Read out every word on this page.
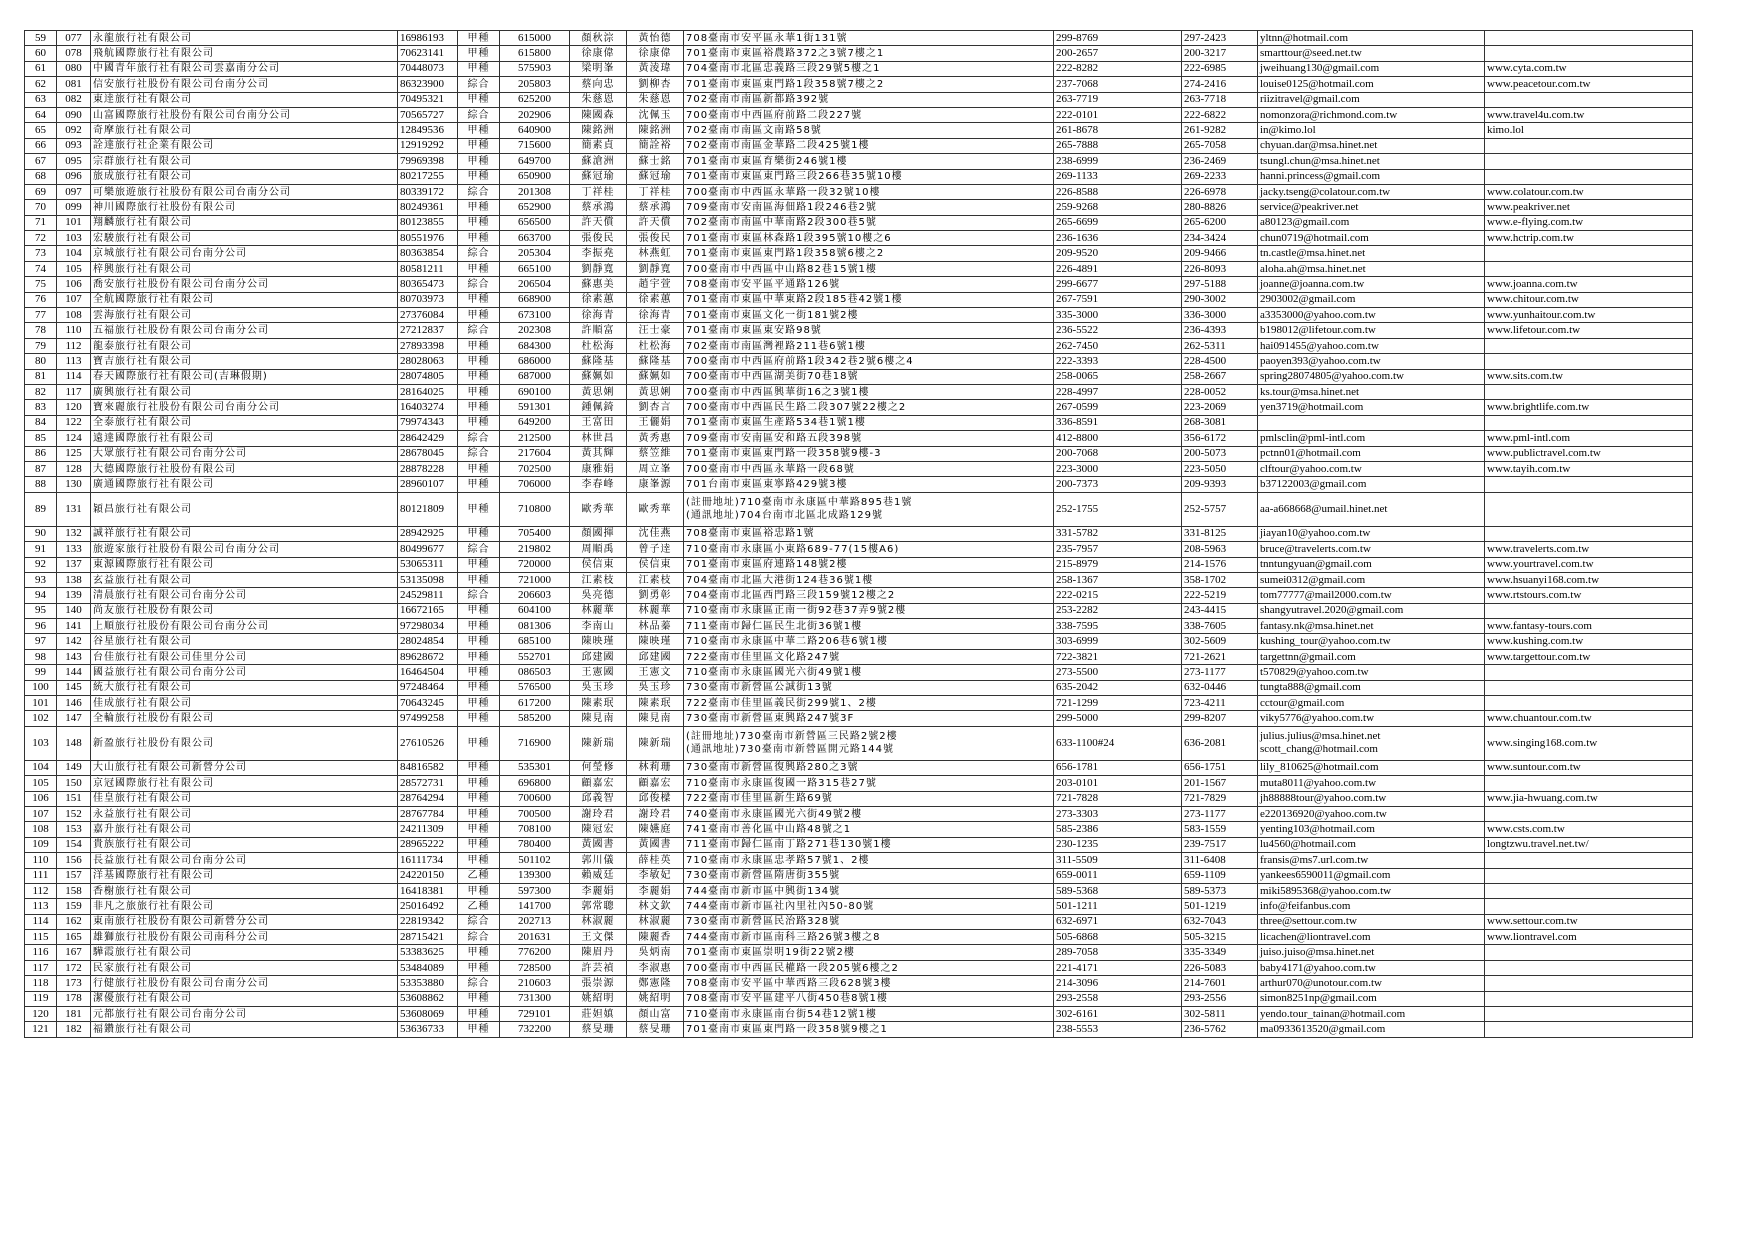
59	077	永龍旅行社有限公司	16986193	甲種	615000	顏秋淙	黃怡德	708臺南市安平區永華1街131號	299-8769	297-2423	yltnn@hotmail.com	

60	078	飛航國際旅行社有限公司	70623141	甲種	615800	徐康偉	徐康偉	701臺南市東區裕農路372之3號7樓之1	200-2657	200-3217	smarttour@seed.net.tw	

61	080	中國青年旅行社有限公司雲嘉南分公司	70448073	甲種	575903	梁明峯	黃淩瑋	704臺南市北區忠義路三段29號5樓之1	222-8282	222-6985	jweihuang130@gmail.com	www.cyta.com.tw
62	081	信安旅行社股份有限公司台南分公司	86323900	綜合	205803	蔡向忠	劉柳杏	701臺南市東區東門路1段358號7樓之2	237-7068	274-2416	louise0125@hotmail.com	www.peacetour.com.tw
63	082	東逹旅行社有限公司	70495321	甲種	625200	朱慈恩	朱慈恩	702臺南市南區新都路392號	263-7719	263-7718	riizitravel@gmail.com	

64	090	山富國際旅行社股份有限公司台南分公司	70565727	綜合	202906	陳國森	沈佩玉	700臺南市中西區府前路二段227號	222-0101	222-6822	nomonzora@richmond.com.tw	www.travel4u.com.tw
65	092	奇摩旅行社有限公司	12849536	甲種	640900	陳銘洲	陳銘洲	702臺南市南區文南路58號	261-8678	261-9282	in@kimo.lol	kimo.lol
66	093	詮達旅行社企業有限公司	12919292	甲種	715600	簡素貞	簡詮裕	702臺南市南區金華路二段425號1樓	265-7888	265-7058	chyuan.dar@msa.hinet.net	

67	095	宗群旅行社有限公司	79969398	甲種	649700	蘇滄洲	蘇士銘	701臺南市東區育樂街246號1樓	238-6999	236-2469	tsungl.chun@msa.hinet.net	

68	096	旅成旅行社有限公司	80217255	甲種	650900	蘇冠瑜	蘇冠瑜	701臺南市東區東門路三段266巷35號10樓	269-1133	269-2233	hanni.princess@gmail.com	

69	097	可樂旅遊旅行社股份有限公司台南分公司	80339172	綜合	201308	丁祥桂	丁祥桂	700臺南市中西區永華路一段32號10樓	226-8588	226-6978	jacky.tseng@colatour.com.tw	www.colatour.com.tw
70	099	神川國際旅行社股份有限公司	80249361	甲種	652900	蔡承鴻	蔡承鴻	709臺南市安南區海佃路1段246巷2號	259-9268	280-8826	service@peakriver.net	www.peakriver.net
71	101	翔麟旅行社有限公司	80123855	甲種	656500	許天償	許天償	702臺南市南區中華南路2段300巷5號	265-6699	265-6200	a80123@gmail.com	www.e-flying.com.tw
72	103	宏駿旅行社有限公司	80551976	甲種	663700	張俊民	張俊民	701臺南市東區林森路1段395號10樓之6	236-1636	234-3424	chun0719@hotmail.com	www.hctrip.com.tw
73	104	京城旅行社有限公司台南分公司	80363854	綜合	205304	李振堯	林燕虹	701臺南市東區東門路1段358號6樓之2	209-9520	209-9466	tn.castle@msa.hinet.net	

74	105	梓興旅行社有限公司	80581211	甲種	665100	劉靜寬	劉靜寬	700臺南市中西區中山路82巷15號1樓	226-4891	226-8093	aloha.ah@msa.hinet.net	

75	106	喬安旅行社股份有限公司台南分公司	80365473	綜合	206504	蘇惠美	趙宇萱	708臺南市安平區平通路126號	299-6677	297-5188	joanne@joanna.com.tw	www.joanna.com.tw
76	107	全航國際旅行社有限公司	80703973	甲種	668900	徐素蕙	徐素蕙	701臺南市東區中華東路2段185巷42號1樓	267-7591	290-3002	2903002@gmail.com	www.chitour.com.tw
77	108	雲海旅行社有限公司	27376084	甲種	673100	徐海青	徐海青	701臺南市東區文化一街181號2樓	335-3000	336-3000	a3353000@yahoo.com.tw	www.yunhaitour.com.tw
78	110	五福旅行社股份有限公司台南分公司	27212837	綜合	202308	許順富	汪士豪	701臺南市東區東安路98號	236-5522	236-4393	b198012@lifetour.com.tw	www.lifetour.com.tw
79	112	龍泰旅行社有限公司	27893398	甲種	684300	杜松海	杜松海	702臺南市南區灣裡路211巷6號1樓	262-7450	262-5311	hai091455@yahoo.com.tw	

80	113	寶吉旅行社有限公司	28028063	甲種	686000	蘇隆基	蘇隆基	700臺南市中西區府前路1段342巷2號6樓之4	222-3393	228-4500	paoyen393@yahoo.com.tw	

81	114	春天國際旅行社有限公司(吉琳假期)	28074805	甲種	687000	蘇姵如	蘇姵如	700臺南市中西區湖美街70巷18號	258-0065	258-2667	spring28074805@yahoo.com.tw	www.sits.com.tw
82	117	廣興旅行社有限公司	28164025	甲種	690100	黃思娳	黃思娳	700臺南市中西區興華街16之3號1樓	228-4997	228-0052	ks.tour@msa.hinet.net	

83	120	寶來麗旅行社股份有限公司台南分公司	16403274	甲種	591301	鍾佩錡	劉杏言	700臺南市中西區民生路二段307號22樓之2	267-0599	223-2069	yen3719@hotmail.com	www.brightlife.com.tw
84	122	全泰旅行社有限公司	79974343	甲種	649200	王富田	王儷娟	701臺南市東區生產路534巷1號1樓	336-8591	268-3081	

85	124	遠達國際旅行社有限公司	28642429	綜合	212500	林世昌	黃秀惠	709臺南市安南區安和路五段398號	412-8800	356-6172	pmlsclin@pml-intl.com	www.pml-intl.com
86	125	大眾旅行社有限公司台南分公司	28678045	綜合	217604	黃其輝	蔡笠維	701臺南市東區東門路一段358號9樓-3	200-7068	200-5073	pctnn01@hotmail.com	www.publictravel.com.tw
87	128	大德國際旅行社股份有限公司	28878228	甲種	702500	康雅娟	周立峯	700臺南市中西區永華路一段68號	223-3000	223-5050	clftour@yahoo.com.tw	www.tayih.com.tw
88	130	廣通國際旅行社有限公司	28960107	甲種	706000	李春峰	康峯源	701台南市東區東寧路429號3樓	200-7373	209-9393	b37122003@gmail.com	

89	131	穎昌旅行社有限公司	80121809	甲種	710800	歐秀華	歐秀華	(註冊地址)710臺南市永康區中華路895巷1號
(通訊地址)704台南市北區北成路129號	252-1755	252-5757	aa-a668668@umail.hinet.net	

90	132	誠祥旅行社有限公司	28942925	甲種	705400	顏國揮	沈佳燕	708臺南市東區裕忠路1號	331-5782	331-8125	jiayan10@yahoo.com.tw	

91	133	旅遊家旅行社股份有限公司台南分公司	80499677	綜合	219802	周順禹	曾子逹	710臺南市永康區小東路689-77(15樓A6)	235-7957	208-5963	bruce@travelerts.com.tw	www.travelerts.com.tw
92	137	東源國際旅行社有限公司	53065311	甲種	720000	侯信東	侯信東	701臺南市東區府連路148號2樓	215-8979	214-1576	tnntungyuan@gmail.com	www.yourtravel.com.tw
93	138	玄益旅行社有限公司	53135098	甲種	721000	江素枝	江素枝	704臺南市北區大港街124巷36號1樓	258-1367	358-1702	sumei0312@gmail.com	www.hsuanyi168.com.tw
94	139	清晨旅行社有限公司台南分公司	24529811	綜合	206603	吳亮德	劉勇彰	704臺南市北區西門路三段159號12樓之2	222-0215	222-5219	tom77777@mail2000.com.tw	www.rtstours.com.tw
95	140	尚友旅行社股份有限公司	16672165	甲種	604100	林麗華	林麗華	710臺南市永康區正南一街92巷37弄9號2樓	253-2282	243-4415	shangyutravel.2020@gmail.com	

96	141	上順旅行社股份有限公司台南分公司	97298034	甲種	081306	李南山	林品蓁	711臺南市歸仁區民生北街36號1樓	338-7595	338-7605	fantasy.nk@msa.hinet.net	www.fantasy-tours.com
97	142	谷星旅行社有限公司	28024854	甲種	685100	陳映瑾	陳映瑾	710臺南市永康區中華二路206巷6號1樓	303-6999	302-5609	kushing_tour@yahoo.com.tw	www.kushing.com.tw
98	143	台佳旅行社有限公司佳里分公司	89628672	甲種	552701	邱建國	邱建國	722臺南市佳里區文化路247號	722-3821	721-2621	targettnn@gmail.com	www.targettour.com.tw
99	144	國益旅行社有限公司台南分公司	16464504	甲種	086503	王憲國	王憲文	710臺南市永康區國光六街49號1樓	273-5500	273-1177	t570829@yahoo.com.tw	

100	145	統大旅行社有限公司	97248464	甲種	576500	吳玉珍	吳玉珍	730臺南市新營區公誠街13號	635-2042	632-0446	tungta888@gmail.com	

101	146	佳成旅行社有限公司	70643245	甲種	617200	陳素珉	陳素珉	722臺南市佳里區義民街299號1、2樓	721-1299	723-4211	cctour@gmail.com	

102	147	全輪旅行社股份有限公司	97499258	甲種	585200	陳見南	陳見南	730臺南市新營區東興路247號3F	299-5000	299-8207	viky5776@yahoo.com.tw	www.chuantour.com.tw
103	148	新盈旅行社股份有限公司	27610526	甲種	716900	陳新瑞	陳新瑞	(註冊地址)730臺南市新營區三民路2號2樓
(通訊地址)730臺南市新營區開元路144號	633-1100#24	636-2081	julius.julius@msa.hinet.net
scott_chang@hotmail.com	www.singing168.com.tw
104	149	大山旅行社有限公司新營分公司	84816582	甲種	535301	何瑩修	林莉珊	730臺南市新營區復興路280之3號	656-1781	656-1751	lily_810625@hotmail.com	www.suntour.com.tw
105	150	京冠國際旅行社有限公司	28572731	甲種	696800	顧嘉宏	顧嘉宏	710臺南市永康區復國一路315巷27號	203-0101	201-1567	muta8011@yahoo.com.tw	

106	151	佳皇旅行社有限公司	28764294	甲種	700600	邱義智	邱俊樑	722臺南市佳里區新生路69號	721-7828	721-7829	jh88888tour@yahoo.com.tw	www.jia-hwuang.com.tw
107	152	永益旅行社有限公司	28767784	甲種	700500	謝玲君	謝玲君	740臺南市永康區國光六街49號2樓	273-3303	273-1177	e220136920@yahoo.com.tw	

108	153	嘉升旅行社有限公司	24211309	甲種	708100	陳冠宏	陳嬿庭	741臺南市善化區中山路48號之1	585-2386	583-1559	yenting103@hotmail.com	www.csts.com.tw
109	154	貴族旅行社有限公司	28965222	甲種	780400	黃國書	黃國書	711臺南市歸仁區南丁路271巷130號1樓	230-1235	239-7517	lu4560@hotmail.com	longtzwu.travel.net.tw/
110	156	長益旅行社有限公司台南分公司	16111734	甲種	501102	郭川儀	薛桂英	710臺南市永康區忠孝路57號1、2樓	311-5509	311-6408	fransis@ms7.url.com.tw	

111	157	洋基國際旅行社有限公司	24220150	乙種	139300	賴威廷	李敏妃	730臺南市新營區隋唐街355號	659-0011	659-1109	yankees6590011@gmail.com	

112	158	香榭旅行社有限公司	16418381	甲種	597300	李麗娟	李麗娟	744臺南市新市區中興街134號	589-5368	589-5373	miki5895368@yahoo.com.tw	

113	159	非凡之旅旅行社有限公司	25016492	乙種	141700	郭常聰	林文欽	744臺南市新市區社內里社內50-80號	501-1211	501-1219	info@feifanbus.com	

114	162	東南旅行社股份有限公司新營分公司	22819342	綜合	202713	林淑麗	林淑麗	730臺南市新營區民治路328號	632-6971	632-7043	three@settour.com.tw	www.settour.com.tw
115	165	雄獅旅行社股份有限公司南科分公司	28715421	綜合	201631	王文傑	陳麗香	744臺南市新市區南科三路26號3樓之8	505-6868	505-3215	licachen@liontravel.com	www.liontravel.com
116	167	驊霞旅行社有限公司	53383625	甲種	776200	陳眉丹	吳炳南	701臺南市東區崇明19街22號2樓	289-7058	335-3349	juiso.juiso@msa.hinet.net	

117	172	民家旅行社有限公司	53484089	甲種	728500	許芸禎	李淑惠	700臺南市中西區民權路一段205號6樓之2	221-4171	226-5083	baby4171@yahoo.com.tw	

118	173	行健旅行社股份有限公司台南分公司	53353880	綜合	210603	張崇源	鄭憲隆	708臺南市安平區中華西路三段628號3樓	214-3096	214-7601	arthur070@unotour.com.tw	

119	178	潔優旅行社有限公司	53608862	甲種	731300	姚紹明	姚紹明	708臺南市安平區建平八街450巷8號1樓	293-2558	293-2556	simon8251np@gmail.com	

120	181	元都旅行社有限公司台南分公司	53608069	甲種	729101	莊妲嫃	顏山富	710臺南市永康區南台街54巷12號1樓	302-6161	302-5811	yendo.tour_tainan@hotmail.com	

121	182	福鑽旅行社有限公司	53636733	甲種	732200	蔡旻珊	蔡旻珊	701臺南市東區東門路一段358號9樓之1	238-5553	236-5762	ma0933613520@gmail.com	
